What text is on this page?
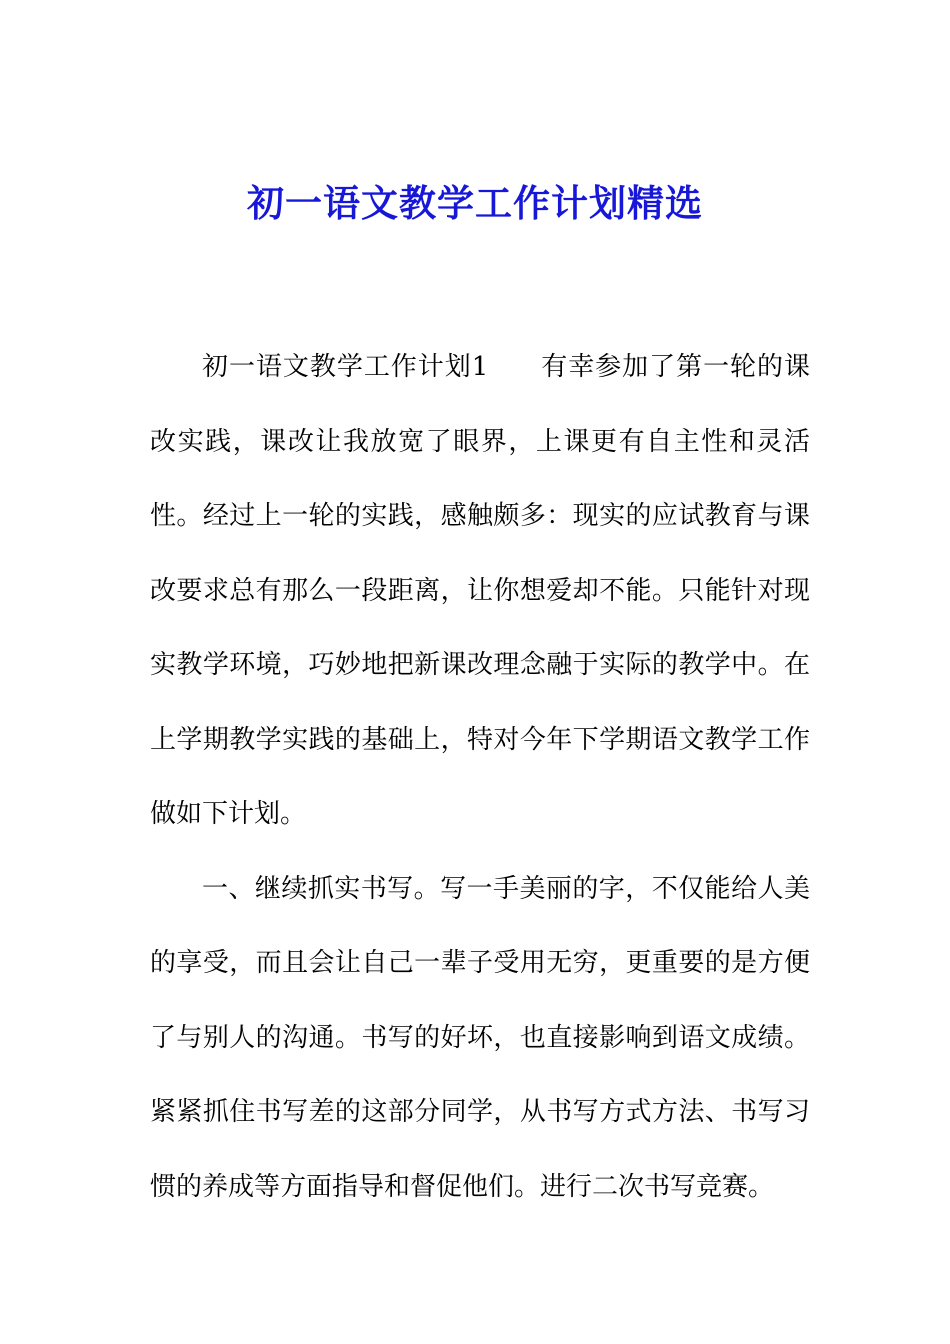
初一语文教学工作计划精选

初一语文教学工作计划1 有幸参加了第一轮的课改实践，课改让我放宽了眼界，上课更有自主性和灵活性。经过上一轮的实践，感触颇多：现实的应试教育与课改要求总有那么一段距离，让你想爱却不能。只能针对现实教学环境，巧妙地把新课改理念融于实际的教学中。在上学期教学实践的基础上，特对今年下学期语文教学工作做如下计划。

一、继续抓实书写。写一手美丽的字，不仅能给人美的享受，而且会让自己一辈子受用无穷，更重要的是方便了与别人的沟通。书写的好坏，也直接影响到语文成绩。紧紧抓住书写差的这部分同学，从书写方式方法、书写习惯的养成等方面指导和督促他们。进行二次书写竞赛。
